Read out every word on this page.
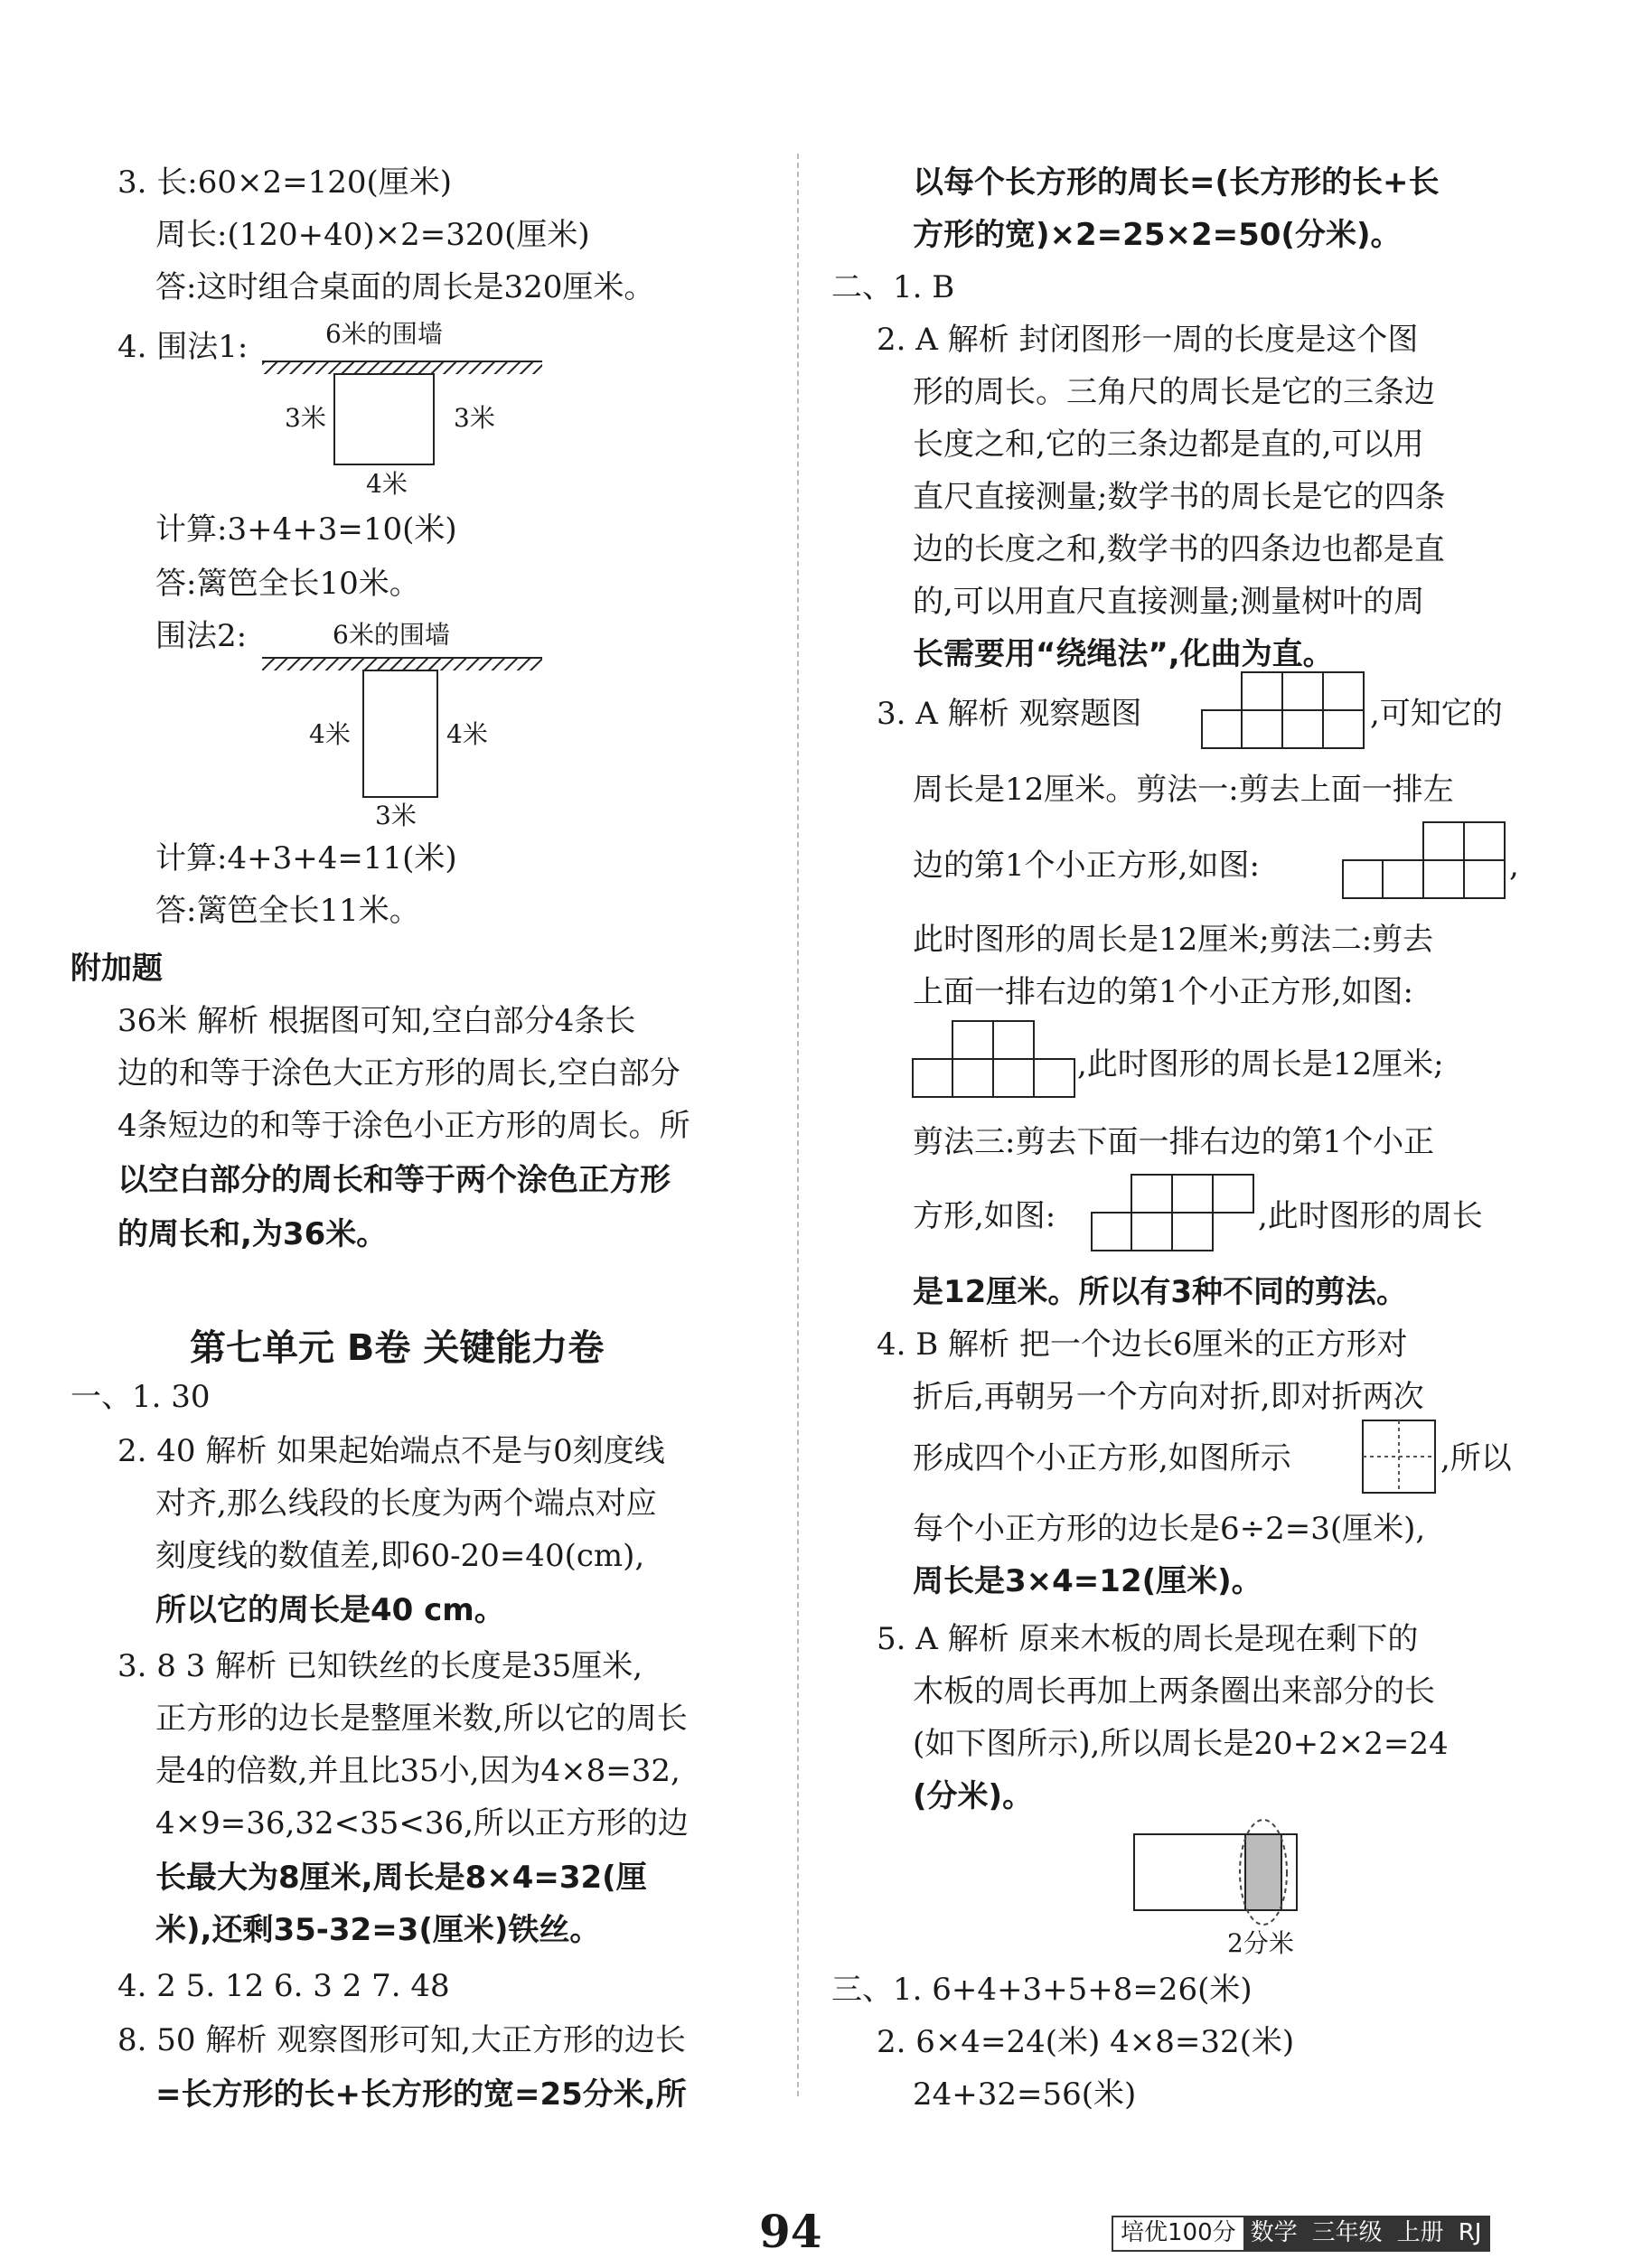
3. 长:60×2=120(厘米)
周长:(120+40)×2=320(厘米)
答:这时组合桌面的周长是320厘米。
4. 围法1:	6米的围墙
3米	3米
4米
计算:3+4+3=10(米)
答:篱笆全长10米。
围法2:	6米的围墙
4米	4米
3米
计算:4+3+4=11(米)
答:篱笆全长11米。
附加题
36米 解析 根据图可知,空白部分4条长
边的和等于涂色大正方形的周长,空白部分
4条短边的和等于涂色小正方形的周长。所
以空白部分的周长和等于两个涂色正方形
的周长和,为36米。
第七单元 B卷 关键能力卷
一、1. 30
2. 40 解析 如果起始端点不是与0刻度线
对齐,那么线段的长度为两个端点对应
刻度线的数值差,即60-20=40(cm),
所以它的周长是40 cm。
3. 8 3 解析 已知铁丝的长度是35厘米,
正方形的边长是整厘米数,所以它的周长
是4的倍数,并且比35小,因为4×8=32,
4×9=36,32<35<36,所以正方形的边
长最大为8厘米,周长是8×4=32(厘
米),还剩35-32=3(厘米)铁丝。
4. 2 5. 12 6. 3 2 7. 48
8. 50 解析 观察图形可知,大正方形的边长
=长方形的长+长方形的宽=25分米,所
以每个长方形的周长=(长方形的长+长
方形的宽)×2=25×2=50(分米)。
二、1. B
2. A 解析 封闭图形一周的长度是这个图
形的周长。三角尺的周长是它的三条边
长度之和,它的三条边都是直的,可以用
直尺直接测量;数学书的周长是它的四条
边的长度之和,数学书的四条边也都是直
的,可以用直尺直接测量;测量树叶的周
长需要用“绕绳法”,化曲为直。
3. A 解析 观察题图	,可知它的
周长是12厘米。剪法一:剪去上面一排左
边的第1个小正方形,如图:	,
此时图形的周长是12厘米;剪法二:剪去
上面一排右边的第1个小正方形,如图:
,此时图形的周长是12厘米;
剪法三:剪去下面一排右边的第1个小正
方形,如图:	,此时图形的周长
是12厘米。所以有3种不同的剪法。
4. B 解析 把一个边长6厘米的正方形对
折后,再朝另一个方向对折,即对折两次
形成四个小正方形,如图所示	,所以
每个小正方形的边长是6÷2=3(厘米),
周长是3×4=12(厘米)。
5. A 解析 原来木板的周长是现在剩下的
木板的周长再加上两条圈出来部分的长
(如下图所示),所以周长是20+2×2=24
(分米)。
2分米
三、1. 6+4+3+5+8=26(米)
2. 6×4=24(米) 4×8=32(米)
24+32=56(米)
94	培优100分 数学 三年级 上册 RJ
